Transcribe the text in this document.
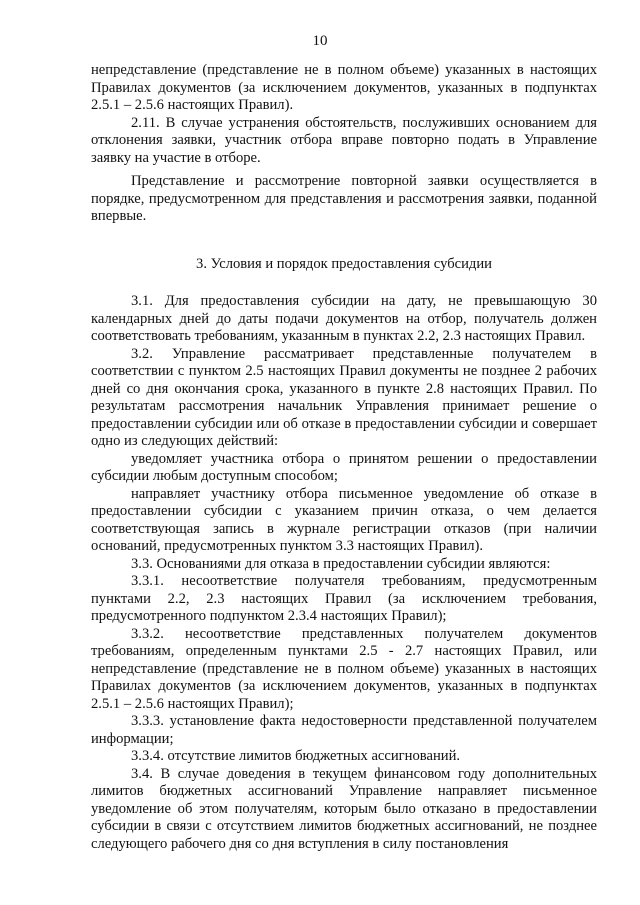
10

непредставление (представление не в полном объеме) указанных в настоящих Правилах документов (за исключением документов, указанных в подпунктах 2.5.1 – 2.5.6 настоящих Правил).

2.11. В случае устранения обстоятельств, послуживших основанием для отклонения заявки, участник отбора вправе повторно подать в Управление заявку на участие в отборе.

Представление и рассмотрение повторной заявки осуществляется в порядке, предусмотренном для представления и рассмотрения заявки, поданной впервые.

3. Условия и порядок предоставления субсидии

3.1. Для предоставления субсидии на дату, не превышающую 30 календарных дней до даты подачи документов на отбор, получатель должен соответствовать требованиям, указанным в пунктах 2.2, 2.3 настоящих Правил.

3.2. Управление рассматривает представленные получателем в соответствии с пунктом 2.5 настоящих Правил документы не позднее 2 рабочих дней со дня окончания срока, указанного в пункте 2.8 настоящих Правил. По результатам рассмотрения начальник Управления принимает решение о предоставлении субсидии или об отказе в предоставлении субсидии и совершает одно из следующих действий:

уведомляет участника отбора о принятом решении о предоставлении субсидии любым доступным способом;

направляет участнику отбора письменное уведомление об отказе в предоставлении субсидии с указанием причин отказа, о чем делается соответствующая запись в журнале регистрации отказов (при наличии оснований, предусмотренных пунктом 3.3 настоящих Правил).

3.3. Основаниями для отказа в предоставлении субсидии являются:

3.3.1. несоответствие получателя требованиям, предусмотренным пунктами 2.2, 2.3 настоящих Правил (за исключением требования, предусмотренного подпунктом 2.3.4 настоящих Правил);

3.3.2. несоответствие представленных получателем документов требованиям, определенным пунктами 2.5 - 2.7 настоящих Правил, или непредставление (представление не в полном объеме) указанных в настоящих Правилах документов (за исключением документов, указанных в подпунктах 2.5.1 – 2.5.6 настоящих Правил);

3.3.3. установление факта недостоверности представленной получателем информации;

3.3.4. отсутствие лимитов бюджетных ассигнований.

3.4. В случае доведения в текущем финансовом году дополнительных лимитов бюджетных ассигнований Управление направляет письменное уведомление об этом получателям, которым было отказано в предоставлении субсидии в связи с отсутствием лимитов бюджетных ассигнований, не позднее следующего рабочего дня со дня вступления в силу постановления
